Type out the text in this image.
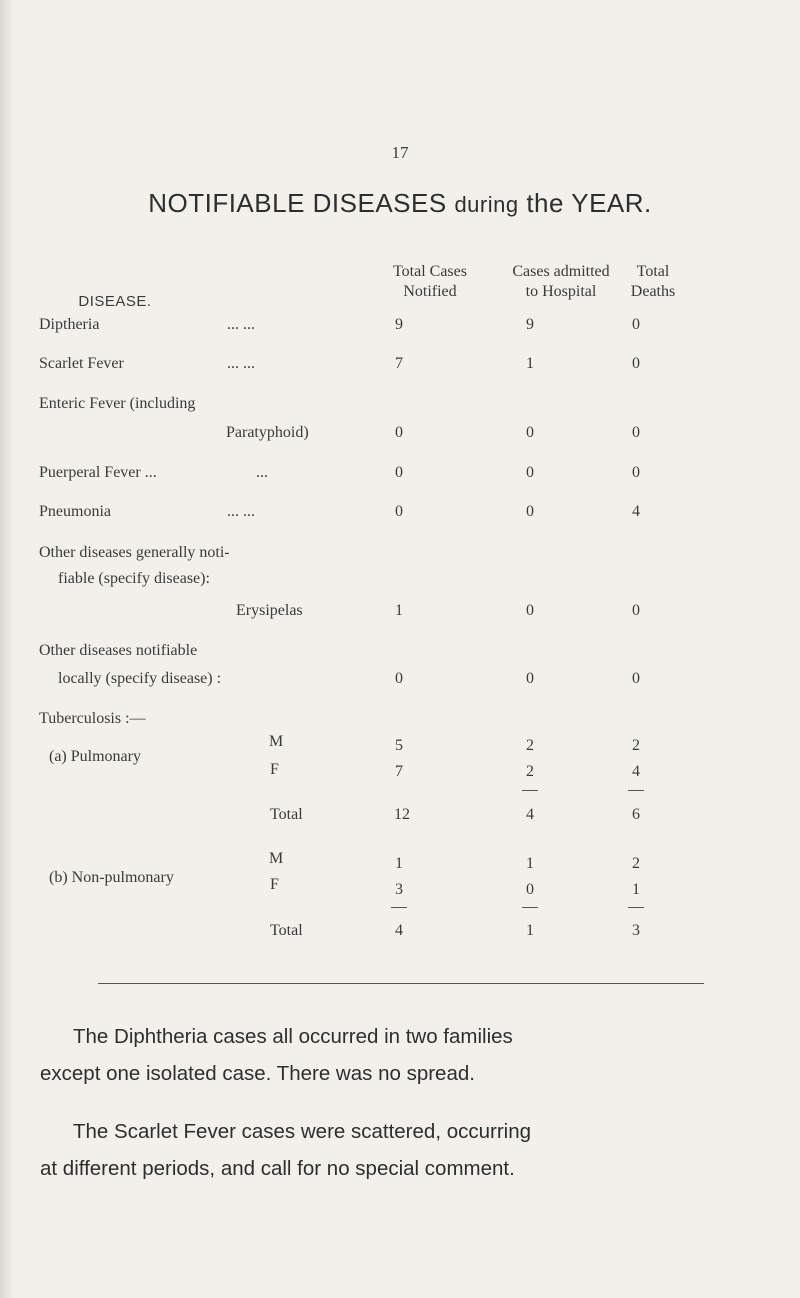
17
NOTIFIABLE DISEASES during the YEAR.
DISEASE.
Total Cases
Notified
Cases admitted
to Hospital
Total
Deaths
Diptheria	... ...	9	9	0
Scarlet Fever	... ...	7	1	0
Enteric Fever (including
Paratyphoid)	0	0	0
Puerperal Fever ...	...	0	0	0
Pneumonia	... ...	0	0	4
Other diseases generally noti-
fiable (specify disease):
Erysipelas	1	0	0
Other diseases notifiable
locally (specify disease) :	0	0	0
Tuberculosis :—
(a) Pulmonary
M	5	2	2
F	7	2	4
Total	12	4	6
(b) Non-pulmonary
M	1	1	2
F	3	0	1
Total	4	1	3
The Diphtheria cases all occurred in two families
except one isolated case. There was no spread.
The Scarlet Fever cases were scattered, occurring
at different periods, and call for no special comment.
